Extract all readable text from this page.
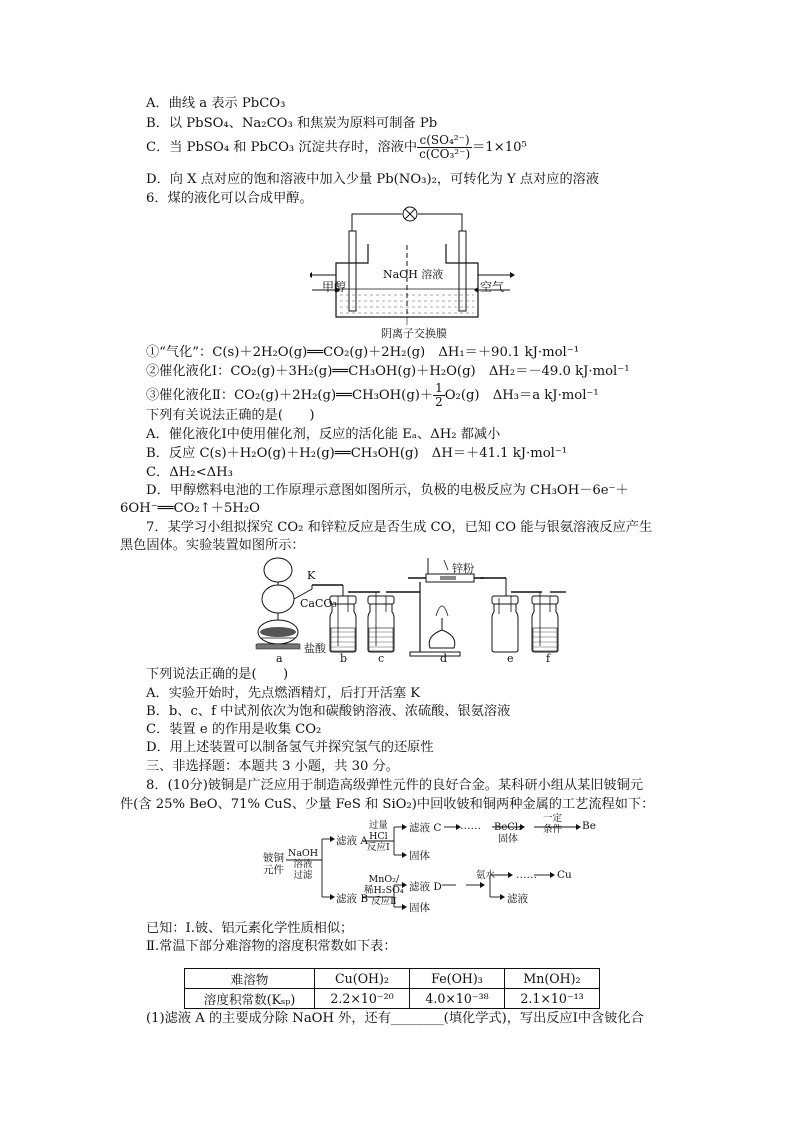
A．曲线 a 表示 PbCO₃
B．以 PbSO₄、Na₂CO₃ 和焦炭为原料可制备 Pb
C．当 PbSO₄ 和 PbCO₃ 沉淀共存时，溶液中 $\frac{\text{c(SO₄²⁻)}}{\text{c(CO₃²⁻)}} =1\times 10^5$
D．向 X 点对应的饱和溶液中加入少量 Pb(NO₃)₂，可转化为 Y 点对应的溶液
6．煤的液化可以合成甲醇。
甲醇	空气
NaOH 溶液
阴离子交换膜
①“气化”：C(s)＋2H₂O(g)══CO₂(g)＋2H₂(g)　ΔH₁＝＋90.1 kJ·mol⁻¹
②催化液化Ⅰ：CO₂(g)＋3H₂(g)══CH₃OH(g)＋H₂O(g)　ΔH₂＝－49.0 kJ·mol⁻¹
③催化液化Ⅱ：CO₂(g)＋2H₂(g)══CH₃OH(g)＋ $\frac{1}{2} O_2(g)$　ΔH₃＝a kJ·mol⁻¹
下列有关说法正确的是(　　)
A．催化液化Ⅰ中使用催化剂，反应的活化能 Eₐ、ΔH₂ 都减小
B．反应 C(s)＋H₂O(g)＋H₂(g)══CH₃OH(g)　ΔH＝＋41.1 kJ·mol⁻¹
C．ΔH₂<ΔH₃
D．甲醇燃料电池的工作原理示意图如图所示，负极的电极反应为 CH₃OH－6e⁻＋
6OH⁻══CO₂↑＋5H₂O
7．某学习小组拟探究 CO₂ 和锌粒反应是否生成 CO，已知 CO 能与银氨溶液反应产生
黑色固体。实验装置如图所示：
K
CaCO₃
盐酸
锌粉
a	b	c	d	e	f
下列说法正确的是(　　)
A．实验开始时，先点燃酒精灯，后打开活塞 K
B．b、c、f 中试剂依次为饱和碳酸钠溶液、浓硫酸、银氨溶液
C．装置 e 的作用是收集 CO₂
D．用上述装置可以制备氢气并探究氢气的还原性
三、非选择题：本题共 3 小题，共 30 分。
8．(10分)铍铜是广泛应用于制造高级弹性元件的良好合金。某科研小组从某旧铍铜元
件(含 25% BeO、71% CuS、少量 FeS 和 SiO₂)中回收铍和铜两种金属的工艺流程如下：
铍铜
元件
NaOH
溶液
过滤
滤液 A
过量
HCl
反应Ⅰ
滤液 C …… BeCl₂
固体
一定
条件 Be
固体
滤液 B
MnO₂/
稀H₂SO₄
反应Ⅱ
滤液 D
氨水 …… Cu
固体
滤液
已知：Ⅰ.铍、铝元素化学性质相似；
Ⅱ.常温下部分难溶物的溶度积常数如下表：
难溶物	Cu(OH)₂	Fe(OH)₃	Mn(OH)₂
溶度积常数(Kₛₚ)	2.2×10⁻²⁰	4.0×10⁻³⁸	2.1×10⁻¹³
(1)滤液 A 的主要成分除 NaOH 外，还有________(填化学式)，写出反应Ⅰ中含铍化合
